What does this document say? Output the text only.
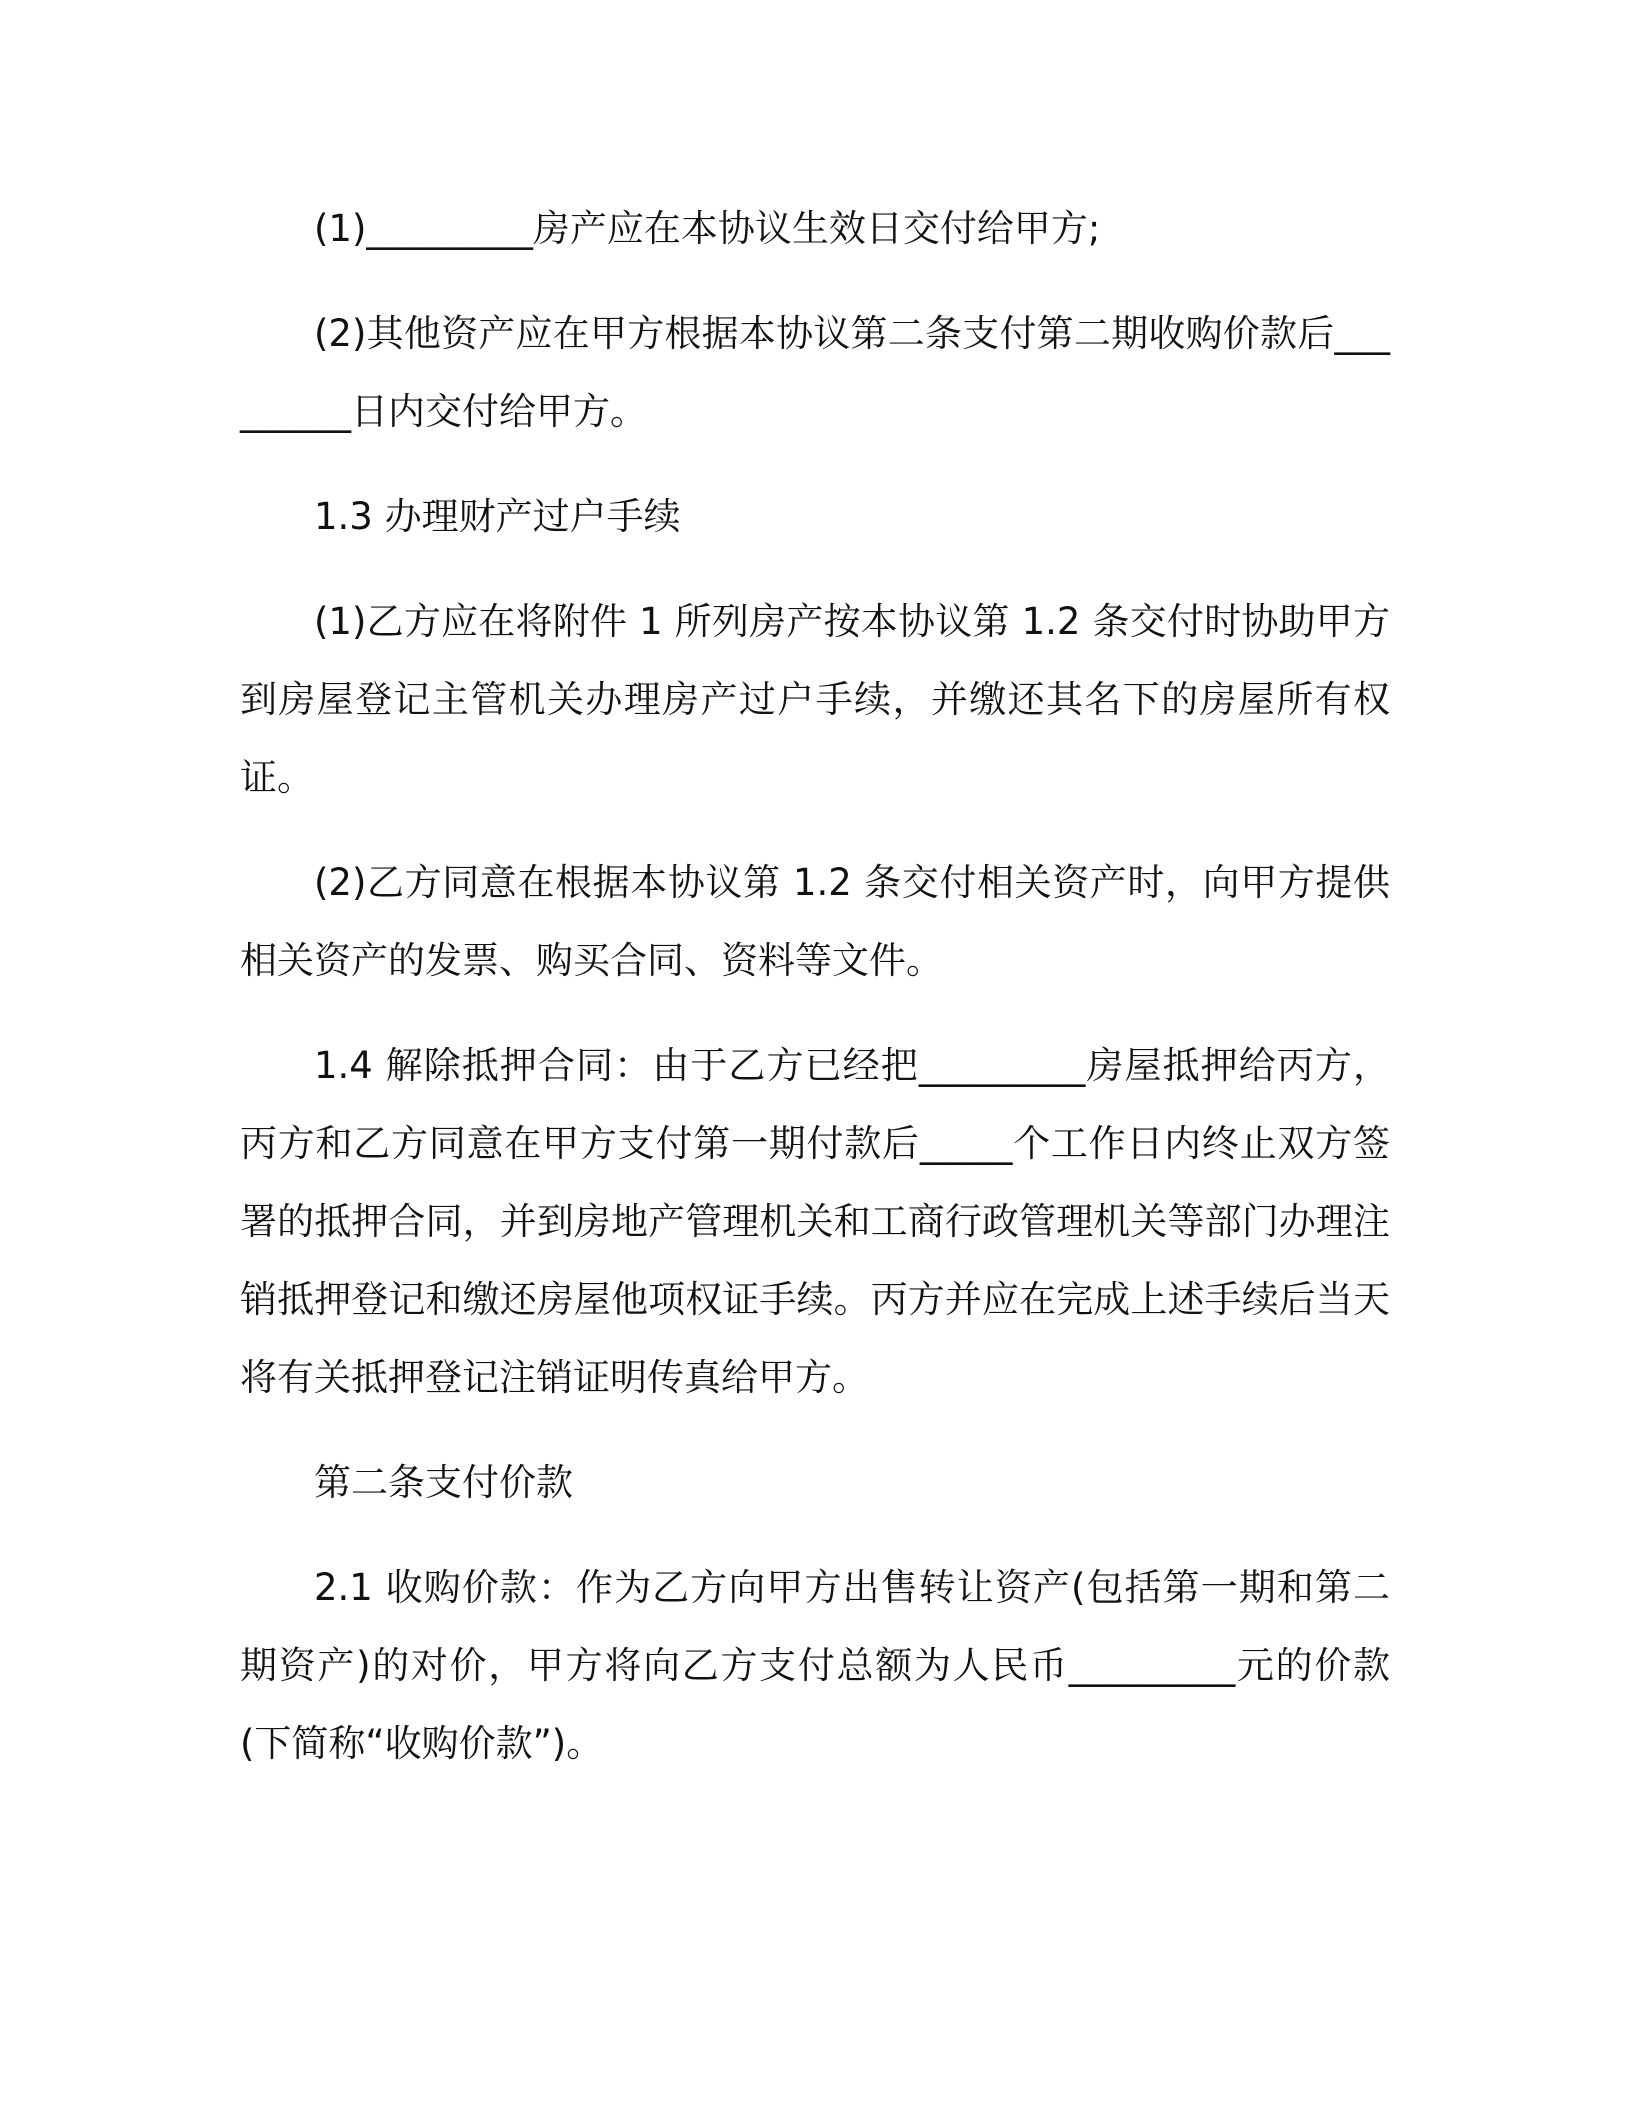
(1)_________房产应在本协议生效日交付给甲方;

(2)其他资产应在甲方根据本协议第二条支付第二期收购价款后_________日内交付给甲方。

1.3 办理财产过户手续

(1)乙方应在将附件 1 所列房产按本协议第 1.2 条交付时协助甲方到房屋登记主管机关办理房产过户手续，并缴还其名下的房屋所有权证。

(2)乙方同意在根据本协议第 1.2 条交付相关资产时，向甲方提供相关资产的发票、购买合同、资料等文件。

1.4 解除抵押合同：由于乙方已经把_________房屋抵押给丙方，丙方和乙方同意在甲方支付第一期付款后_____个工作日内终止双方签署的抵押合同，并到房地产管理机关和工商行政管理机关等部门办理注销抵押登记和缴还房屋他项权证手续。丙方并应在完成上述手续后当天将有关抵押登记注销证明传真给甲方。

第二条支付价款

2.1 收购价款：作为乙方向甲方出售转让资产(包括第一期和第二期资产)的对价，甲方将向乙方支付总额为人民币_________元的价款(下简称“收购价款”)。
